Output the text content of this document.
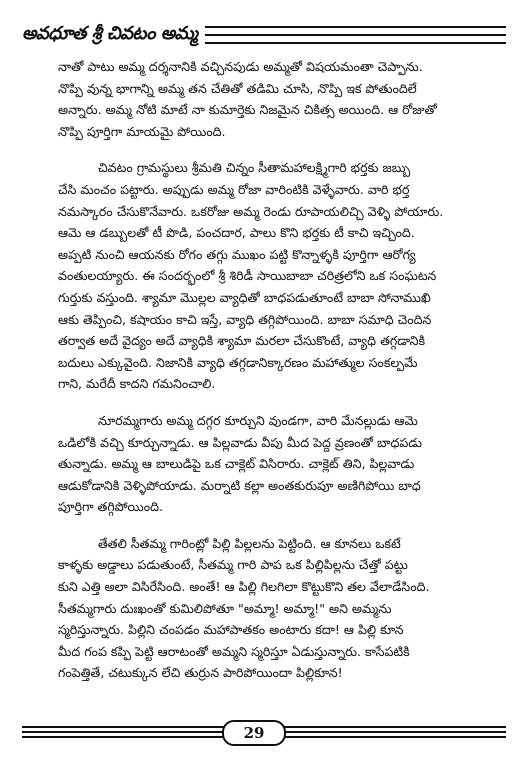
అవధూత శ్రీ చివటం అమ్మ
నాతో పాటు అమ్మ దర్శనానికి వచ్చినపుడు అమ్మతో విషయమంతా చెప్పాను.
నొప్పి వున్న భాగాన్ని అమ్మ తన చేతితో తడిమి చూసి, నొప్పి ఇక పోతుందిలే
అన్నారు. అమ్మ నోటి మాటే నా కుమార్తెకు నిజమైన చికిత్స అయింది. ఆ రోజుతో
నొప్పి పూర్తిగా మాయమై పోయింది.
చివటం గ్రామస్థులు శ్రీమతి చిన్నం సీతామహాలక్ష్మిగారి భర్తకు జబ్బు
చేసి మంచం పట్టారు. అప్పుడు అమ్మ రోజా వారింటికి వెళ్ళేవారు. వారి భర్త
నమస్కారం చేసుకొనేవారు. ఒకరోజు అమ్మ రెండు రూపాయలిచ్చి వెళ్ళి పోయారు.
ఆమె ఆ డబ్బులతో టీ పొడి, పంచదార, పాలు కొని భర్తకు టీ కాచి ఇచ్చింది.
అప్పటి నుంచి ఆయనకు రోగం తగ్గు ముఖం పట్టి కొన్నాళ్ళకి పూర్తిగా ఆరోగ్య
వంతులయ్యారు. ఈ సందర్భంలో శ్రీ శిరిడీ సాయిబాబా చరిత్రలోని ఒక సంఘటన
గుర్తుకు వస్తుంది. శ్యామా మొల్లల వ్యాధితో బాధపడుతూంటే బాబా సోనాముఖి
ఆకు తెప్పించి, కషాయం కాచి ఇస్తే, వ్యాధి తగ్గిపోయింది. బాబా సమాధి చెందిన
తర్వాత అదే వైద్యం అదే వ్యాధికి శ్యామా మరలా చేసుకొంటే, వ్యాధి తగ్గడానికి
బదులు ఎక్కువైంది. నిజానికి వ్యాధి తగ్గడానిక్కారణం మహాత్ముల సంకల్పమే
గాని, మరేదీ కాదని గమనించాలి.
నూరమ్మగారు అమ్మ దగ్గర కూర్చుని వుండగా, వారి మేనల్లుడు ఆమె
ఒడిలోకి వచ్చి కూర్చున్నాడు. ఆ పిల్లవాడు వీపు మీద పెద్ద వ్రణంతో బాధపడు
తున్నాడు. అమ్మ ఆ బాలుడిపై ఒక చాక్లెట్ విసిరారు. చాక్లెట్ తిని, పిల్లవాడు
ఆడుకోడానికి వెళ్ళిపోయాడు. మర్నాటి కల్లా అంతకురుపూ అణిగిపోయి బాధ
పూర్తిగా తగ్గిపోయింది.
తేతలి సీతమ్మ గారింట్లో పిల్లి పిల్లలను పెట్టింది. ఆ కూనలు ఒకటే
కాళ్ళకు అడ్డాలు పడుతుంటే, సీతమ్మ గారి పాప ఒక పిల్లిపిల్లను చేత్తో పట్టు
కుని ఎత్తి అలా విసిరేసింది. అంతే! ఆ పిల్లి గిలగిలా కొట్టుకొని తల వేలాడేసింది.
సీతమ్మగారు దుఃఖంతో కుమిలిపోతూ "అమ్మా! అమ్మా!" అని అమ్మను
స్మరిస్తున్నారు. పిల్లిని చంపడం మహాపాతకం అంటారు కదా! ఆ పిల్లి కూన
మీద గంప కప్పి పెట్టి ఆరాటంతో అమ్మని స్మరిస్తూ ఏడుస్తున్నారు. కాసేపటికి
గంపెత్తితే, చటుక్కున లేచి తుర్రున పారిపోయిందా పిల్లికూన!
29
